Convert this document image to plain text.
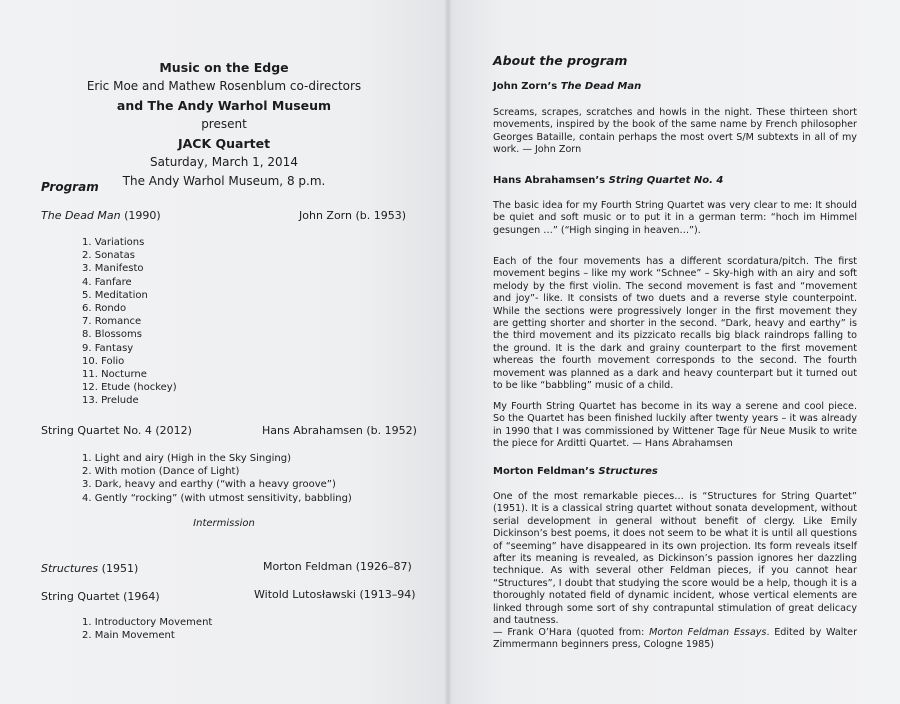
Music on the Edge
Eric Moe and Mathew Rosenblum co-directors
and The Andy Warhol Museum
present
JACK Quartet
Saturday, March 1, 2014
The Andy Warhol Museum, 8 p.m.
Program
The Dead Man (1990)	John Zorn (b. 1953)
1. Variations
2. Sonatas
3. Manifesto
4. Fanfare
5. Meditation
6. Rondo
7. Romance
8. Blossoms
9. Fantasy
10. Folio
11. Nocturne
12. Etude (hockey)
13. Prelude
String Quartet No. 4 (2012)	Hans Abrahamsen (b. 1952)
1. Light and airy (High in the Sky Singing)
2. With motion (Dance of Light)
3. Dark, heavy and earthy (“with a heavy groove”)
4. Gently “rocking” (with utmost sensitivity, babbling)
Intermission
Structures (1951)	Morton Feldman (1926–87)
String Quartet (1964)	Witold Lutosławski (1913–94)
1. Introductory Movement
2. Main Movement
About the program
John Zorn’s The Dead Man

Screams, scrapes, scratches and howls in the night. These thirteen short movements, inspired by the book of the same name by French philosopher Georges Bataille, contain perhaps the most overt S/M subtexts in all of my work. — John Zorn

Hans Abrahamsen’s String Quartet No. 4

The basic idea for my Fourth String Quartet was very clear to me: It should be quiet and soft music or to put it in a german term: “hoch im Himmel gesungen …” (“High singing in heaven…”).

Each of the four movements has a different scordatura/pitch. The first movement begins – like my work “Schnee” – Sky-high with an airy and soft melody by the first violin. The second movement is fast and “movement and joy”- like. It consists of two duets and a reverse style counterpoint. While the sections were progressively longer in the first movement they are getting shorter and shorter in the second. “Dark, heavy and earthy” is the third movement and its pizzicato recalls big black raindrops falling to the ground. It is the dark and grainy counterpart to the first movement whereas the fourth movement corresponds to the second. The fourth movement was planned as a dark and heavy counterpart but it turned out to be like “babbling” music of a child.

My Fourth String Quartet has become in its way a serene and cool piece. So the Quartet has been finished luckily after twenty years – it was already in 1990 that I was commissioned by Wittener Tage für Neue Musik to write the piece for Arditti Quartet. — Hans Abrahamsen

Morton Feldman’s Structures

One of the most remarkable pieces… is “Structures for String Quartet” (1951). It is a classical string quartet without sonata development, without serial development in general without benefit of clergy. Like Emily Dickinson’s best poems, it does not seem to be what it is until all questions of “seeming” have disappeared in its own projection. Its form reveals itself after its meaning is revealed, as Dickinson’s passion ignores her dazzling technique. As with several other Feldman pieces, if you cannot hear “Structures”, I doubt that studying the score would be a help, though it is a thoroughly notated field of dynamic incident, whose vertical elements are linked through some sort of shy contrapuntal stimulation of great delicacy and tautness.

— Frank O’Hara (quoted from: Morton Feldman Essays. Edited by Walter Zimmermann beginners press, Cologne 1985)
